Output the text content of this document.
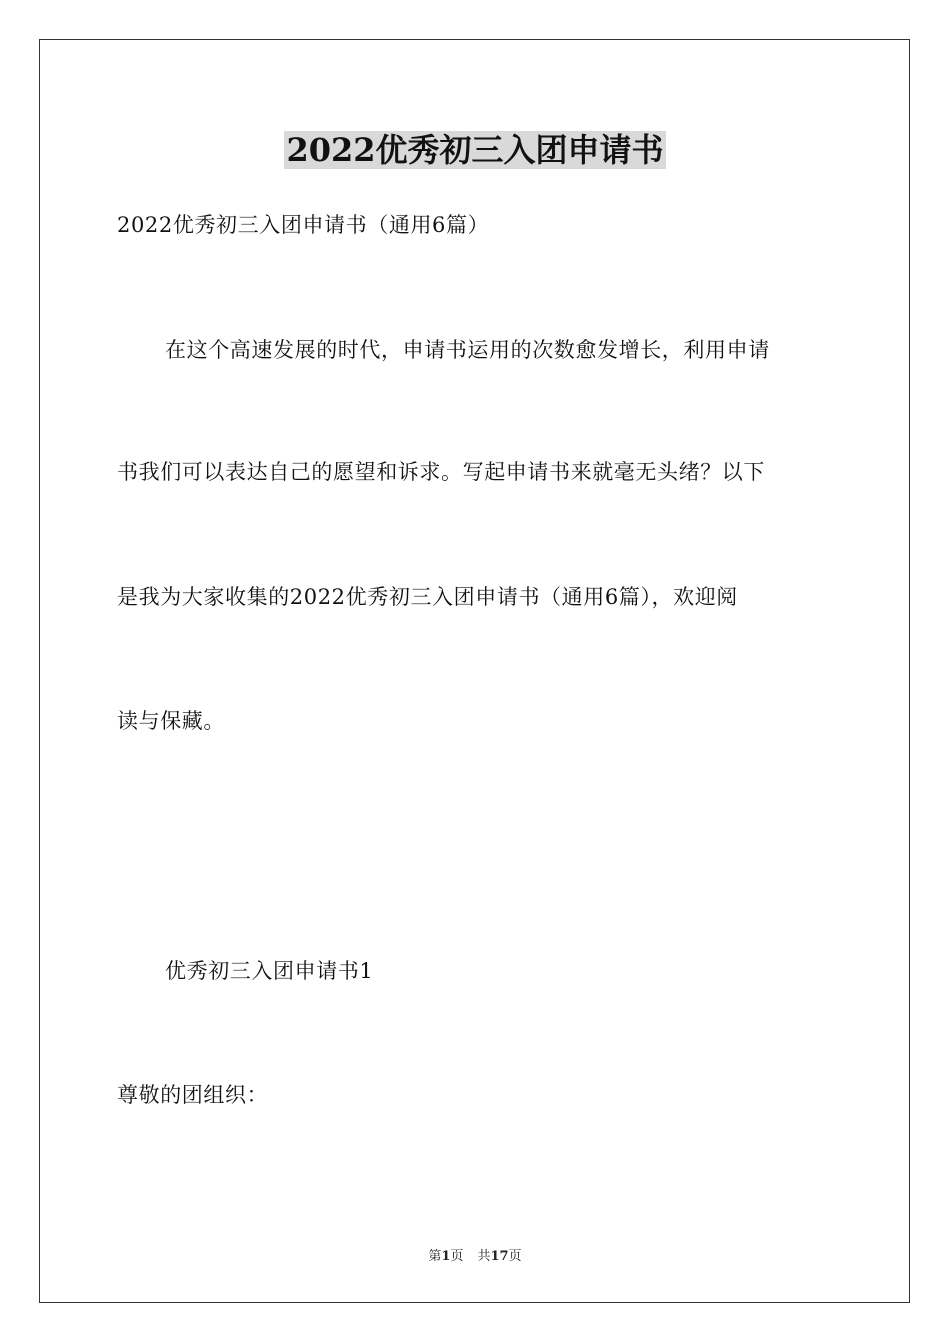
2022优秀初三入团申请书
2022优秀初三入团申请书（通用6篇）
在这个高速发展的时代，申请书运用的次数愈发增长，利用申请
书我们可以表达自己的愿望和诉求。写起申请书来就毫无头绪？以下
是我为大家收集的2022优秀初三入团申请书（通用6篇），欢迎阅
读与保藏。
优秀初三入团申请书1
尊敬的团组织：
第1页 共17页
